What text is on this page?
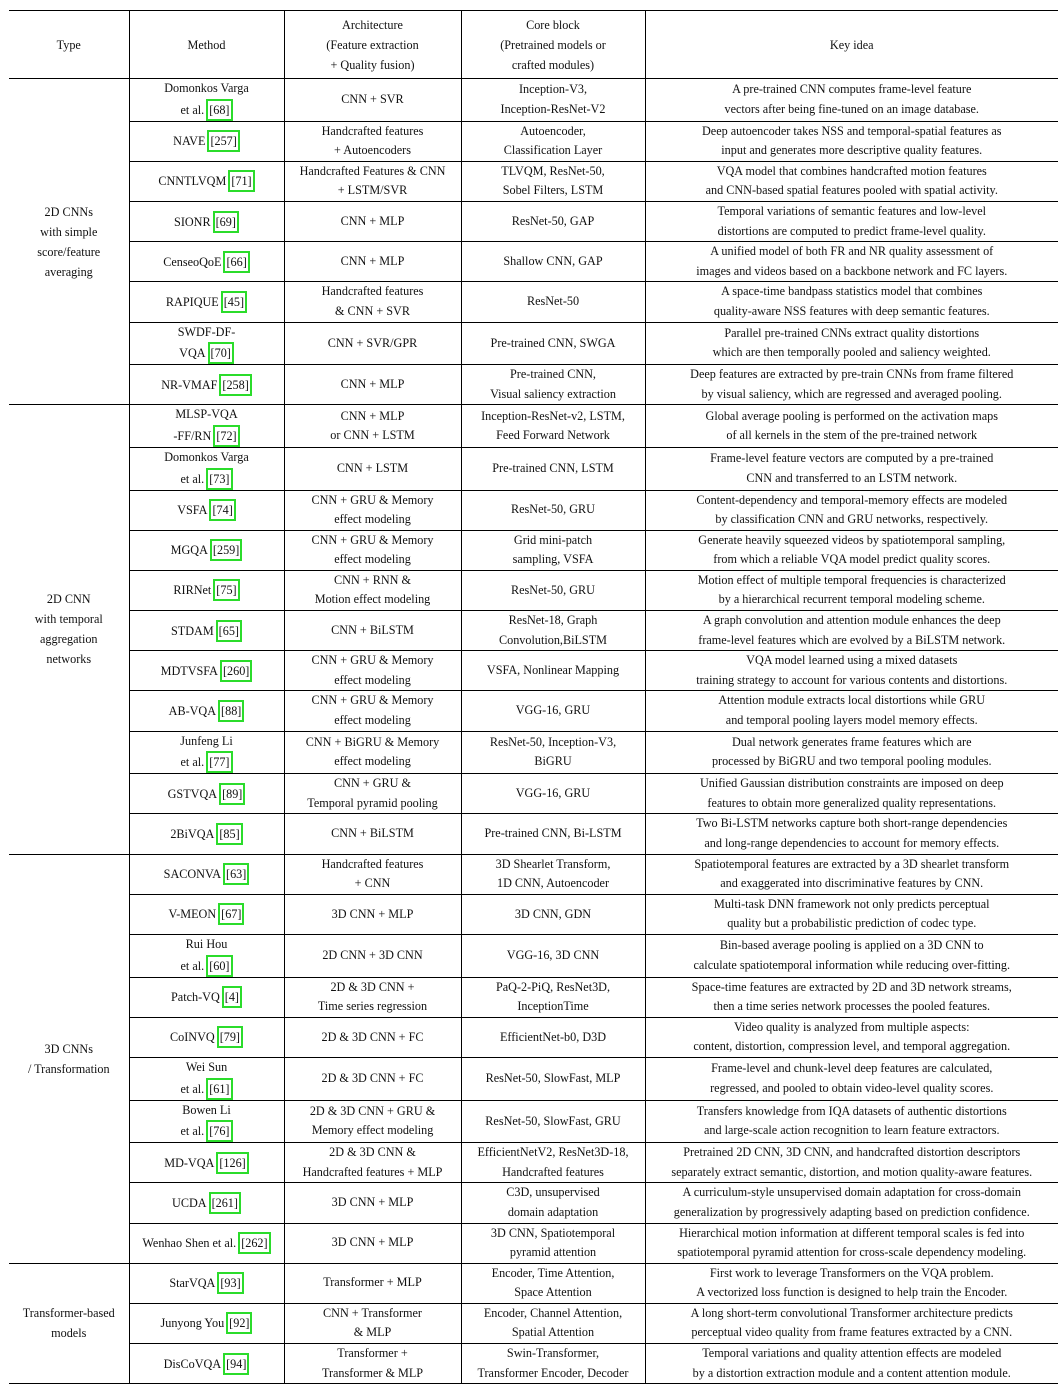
Type	Method	Architecture
(Feature extraction
+ Quality fusion)	Core block
(Pretrained models or
crafted modules)	Key idea

2D CNNs
with simple
score/feature
averaging	Domonkos Varga
et al. [68]	CNN + SVR	Inception-V3,
Inception-ResNet-V2	A pre-trained CNN computes frame-level feature
vectors after being fine-tuned on an image database.

	NAVE [257]	Handcrafted features
+ Autoencoders	Autoencoder,
Classification Layer	Deep autoencoder takes NSS and temporal-spatial features as
input and generates more descriptive quality features.

	CNNTLVQM [71]	Handcrafted Features & CNN
+ LSTM/SVR	TLVQM, ResNet-50,
Sobel Filters, LSTM	VQA model that combines handcrafted motion features
and CNN-based spatial features pooled with spatial activity.

	SIONR [69]	CNN + MLP	ResNet-50, GAP	Temporal variations of semantic features and low-level
distortions are computed to predict frame-level quality.

	CenseoQoE [66]	CNN + MLP	Shallow CNN, GAP	A unified model of both FR and NR quality assessment of
images and videos based on a backbone network and FC layers.

	RAPIQUE [45]	Handcrafted features
& CNN + SVR	ResNet-50	A space-time bandpass statistics model that combines
quality-aware NSS features with deep semantic features.

	SWDF-DF-
VQA [70]	CNN + SVR/GPR	Pre-trained CNN, SWGA	Parallel pre-trained CNNs extract quality distortions
which are then temporally pooled and saliency weighted.

	NR-VMAF [258]	CNN + MLP	Pre-trained CNN,
Visual saliency extraction	Deep features are extracted by pre-train CNNs from frame filtered
by visual saliency, which are regressed and averaged pooling.

2D CNN
with temporal
aggregation
networks	MLSP-VQA
-FF/RN [72]	CNN + MLP
or CNN + LSTM	Inception-ResNet-v2, LSTM,
Feed Forward Network	Global average pooling is performed on the activation maps
of all kernels in the stem of the pre-trained network

	Domonkos Varga
et al. [73]	CNN + LSTM	Pre-trained CNN, LSTM	Frame-level feature vectors are computed by a pre-trained
CNN and transferred to an LSTM network.

	VSFA [74]	CNN + GRU & Memory
effect modeling	ResNet-50, GRU	Content-dependency and temporal-memory effects are modeled
by classification CNN and GRU networks, respectively.

	MGQA [259]	CNN + GRU & Memory
effect modeling	Grid mini-patch
sampling, VSFA	Generate heavily squeezed videos by spatiotemporal sampling,
from which a reliable VQA model predict quality scores.

	RIRNet [75]	CNN + RNN &
Motion effect modeling	ResNet-50, GRU	Motion effect of multiple temporal frequencies is characterized
by a hierarchical recurrent temporal modeling scheme.

	STDAM [65]	CNN + BiLSTM	ResNet-18, Graph
Convolution,BiLSTM	A graph convolution and attention module enhances the deep
frame-level features which are evolved by a BiLSTM network.

	MDTVSFA [260]	CNN + GRU & Memory
effect modeling	VSFA, Nonlinear Mapping	VQA model learned using a mixed datasets
training strategy to account for various contents and distortions.

	AB-VQA [88]	CNN + GRU & Memory
effect modeling	VGG-16, GRU	Attention module extracts local distortions while GRU
and temporal pooling layers model memory effects.

	Junfeng Li
et al. [77]	CNN + BiGRU & Memory
effect modeling	ResNet-50, Inception-V3,
BiGRU	Dual network generates frame features which are
processed by BiGRU and two temporal pooling modules.

	GSTVQA [89]	CNN + GRU &
Temporal pyramid pooling	VGG-16, GRU	Unified Gaussian distribution constraints are imposed on deep
features to obtain more generalized quality representations.

	2BiVQA [85]	CNN + BiLSTM	Pre-trained CNN, Bi-LSTM	Two Bi-LSTM networks capture both short-range dependencies
and long-range dependencies to account for memory effects.

3D CNNs
/ Transformation	SACONVA [63]	Handcrafted features
+ CNN	3D Shearlet Transform,
1D CNN, Autoencoder	Spatiotemporal features are extracted by a 3D shearlet transform
and exaggerated into discriminative features by CNN.

	V-MEON [67]	3D CNN + MLP	3D CNN, GDN	Multi-task DNN framework not only predicts perceptual
quality but a probabilistic prediction of codec type.

	Rui Hou
et al. [60]	2D CNN + 3D CNN	VGG-16, 3D CNN	Bin-based average pooling is applied on a 3D CNN to
calculate spatiotemporal information while reducing over-fitting.

	Patch-VQ [4]	2D & 3D CNN +
Time series regression	PaQ-2-PiQ, ResNet3D,
InceptionTime	Space-time features are extracted by 2D and 3D network streams,
then a time series network processes the pooled features.

	CoINVQ [79]	2D & 3D CNN + FC	EfficientNet-b0, D3D	Video quality is analyzed from multiple aspects:
content, distortion, compression level, and temporal aggregation.

	Wei Sun
et al. [61]	2D & 3D CNN + FC	ResNet-50, SlowFast, MLP	Frame-level and chunk-level deep features are calculated,
regressed, and pooled to obtain video-level quality scores.

	Bowen Li
et al. [76]	2D & 3D CNN + GRU &
Memory effect modeling	ResNet-50, SlowFast, GRU	Transfers knowledge from IQA datasets of authentic distortions
and large-scale action recognition to learn feature extractors.

	MD-VQA [126]	2D & 3D CNN &
Handcrafted features + MLP	EfficientNetV2, ResNet3D-18,
Handcrafted features	Pretrained 2D CNN, 3D CNN, and handcrafted distortion descriptors
separately extract semantic, distortion, and motion quality-aware features.

	UCDA [261]	3D CNN + MLP	C3D, unsupervised
domain adaptation	A curriculum-style unsupervised domain adaptation for cross-domain
generalization by progressively adapting based on prediction confidence.

	Wenhao Shen et al. [262]	3D CNN + MLP	3D CNN, Spatiotemporal
pyramid attention	Hierarchical motion information at different temporal scales is fed into
spatiotemporal pyramid attention for cross-scale dependency modeling.

Transformer-based
models	StarVQA [93]	Transformer + MLP	Encoder, Time Attention,
Space Attention	First work to leverage Transformers on the VQA problem.
A vectorized loss function is designed to help train the Encoder.

	Junyong You [92]	CNN + Transformer
& MLP	Encoder, Channel Attention,
Spatial Attention	A long short-term convolutional Transformer architecture predicts
perceptual video quality from frame features extracted by a CNN.

	DisCoVQA [94]	Transformer +
Transformer & MLP	Swin-Transformer,
Transformer Encoder, Decoder	Temporal variations and quality attention effects are modeled
by a distortion extraction module and a content attention module.
